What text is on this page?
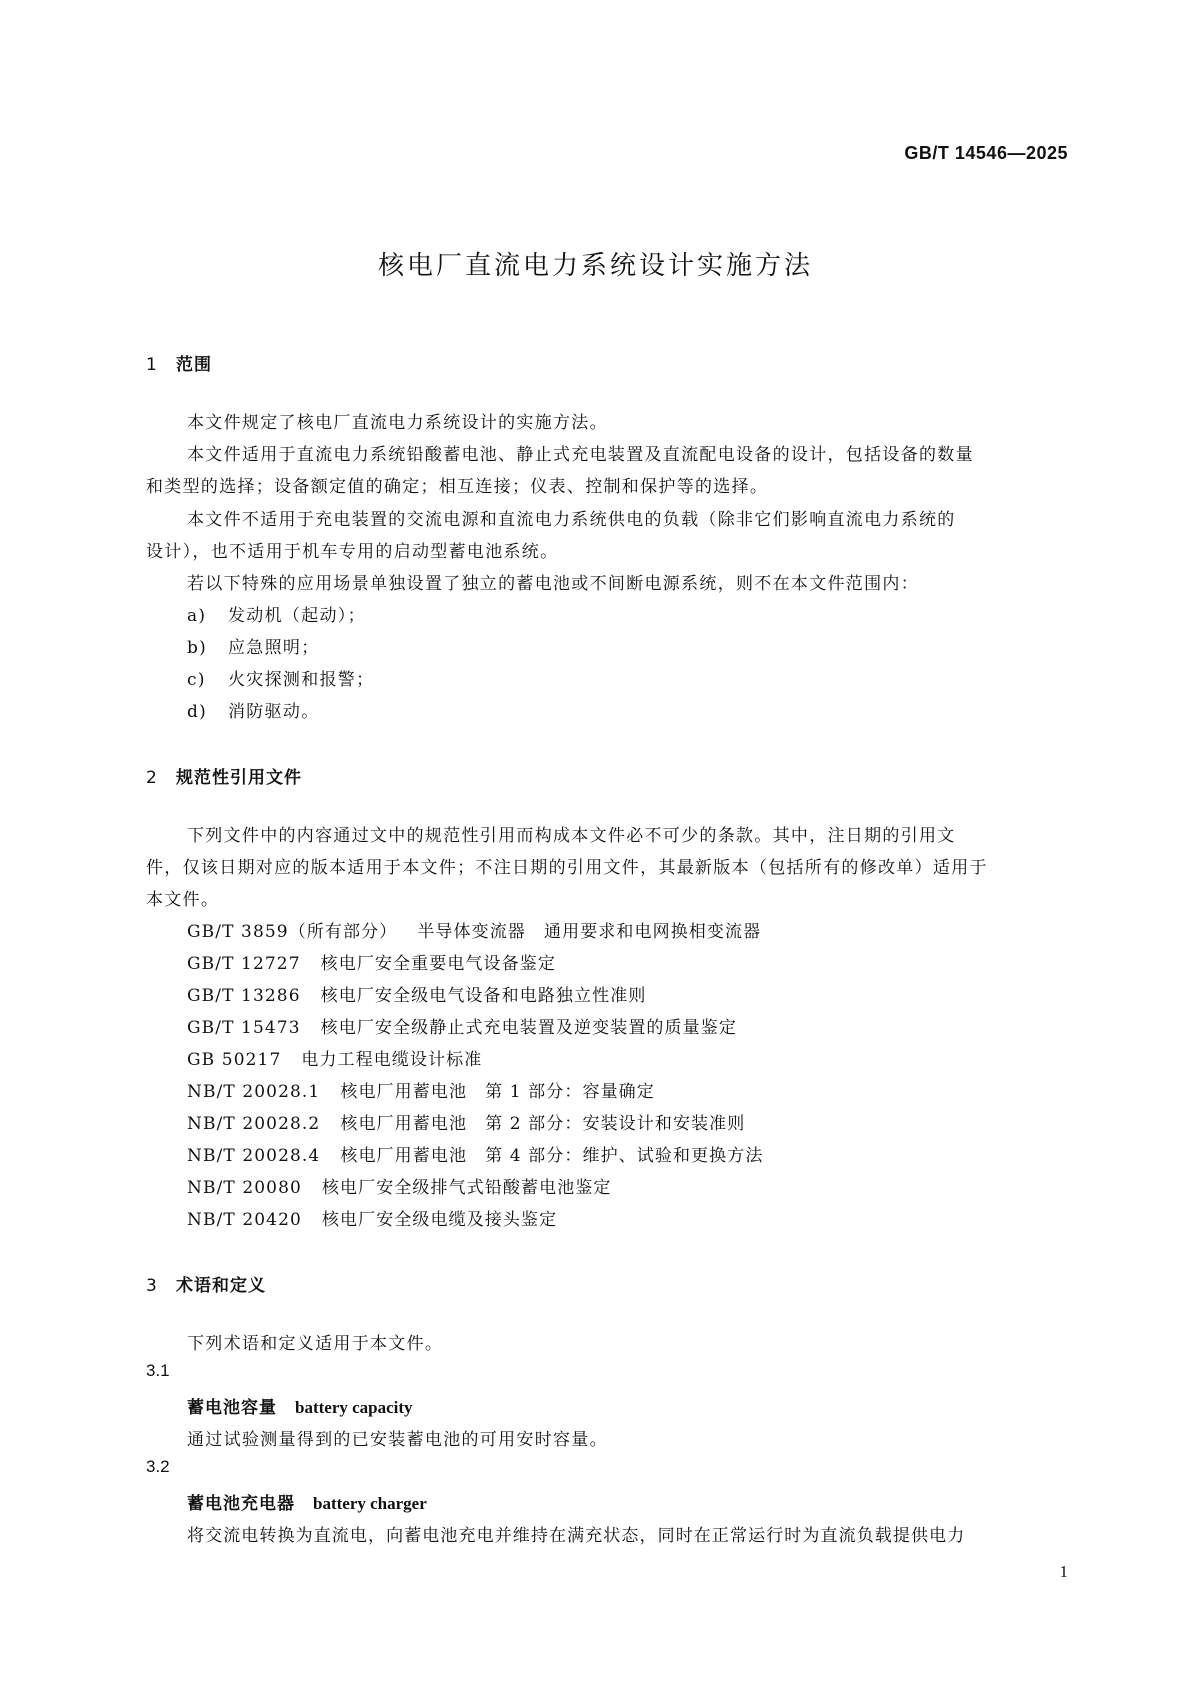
GB/T 14546—2025
核电厂直流电力系统设计实施方法
1 范围
本文件规定了核电厂直流电力系统设计的实施方法。
本文件适用于直流电力系统铅酸蓄电池、静止式充电装置及直流配电设备的设计，包括设备的数量
和类型的选择；设备额定值的确定；相互连接；仪表、控制和保护等的选择。
本文件不适用于充电装置的交流电源和直流电力系统供电的负载（除非它们影响直流电力系统的
设计），也不适用于机车专用的启动型蓄电池系统。
若以下特殊的应用场景单独设置了独立的蓄电池或不间断电源系统，则不在本文件范围内：
a) 发动机（起动）；
b) 应急照明；
c) 火灾探测和报警；
d) 消防驱动。
2 规范性引用文件
下列文件中的内容通过文中的规范性引用而构成本文件必不可少的条款。其中，注日期的引用文
件，仅该日期对应的版本适用于本文件；不注日期的引用文件，其最新版本（包括所有的修改单）适用于
本文件。
GB/T 3859（所有部分） 半导体变流器　通用要求和电网换相变流器
GB/T 12727 核电厂安全重要电气设备鉴定
GB/T 13286 核电厂安全级电气设备和电路独立性准则
GB/T 15473 核电厂安全级静止式充电装置及逆变装置的质量鉴定
GB 50217 电力工程电缆设计标准
NB/T 20028.1 核电厂用蓄电池　第 1 部分：容量确定
NB/T 20028.2 核电厂用蓄电池　第 2 部分：安装设计和安装准则
NB/T 20028.4 核电厂用蓄电池　第 4 部分：维护、试验和更换方法
NB/T 20080 核电厂安全级排气式铅酸蓄电池鉴定
NB/T 20420 核电厂安全级电缆及接头鉴定
3 术语和定义
下列术语和定义适用于本文件。
3.1
蓄电池容量 battery capacity
通过试验测量得到的已安装蓄电池的可用安时容量。
3.2
蓄电池充电器 battery charger
将交流电转换为直流电，向蓄电池充电并维持在满充状态，同时在正常运行时为直流负载提供电力
1
